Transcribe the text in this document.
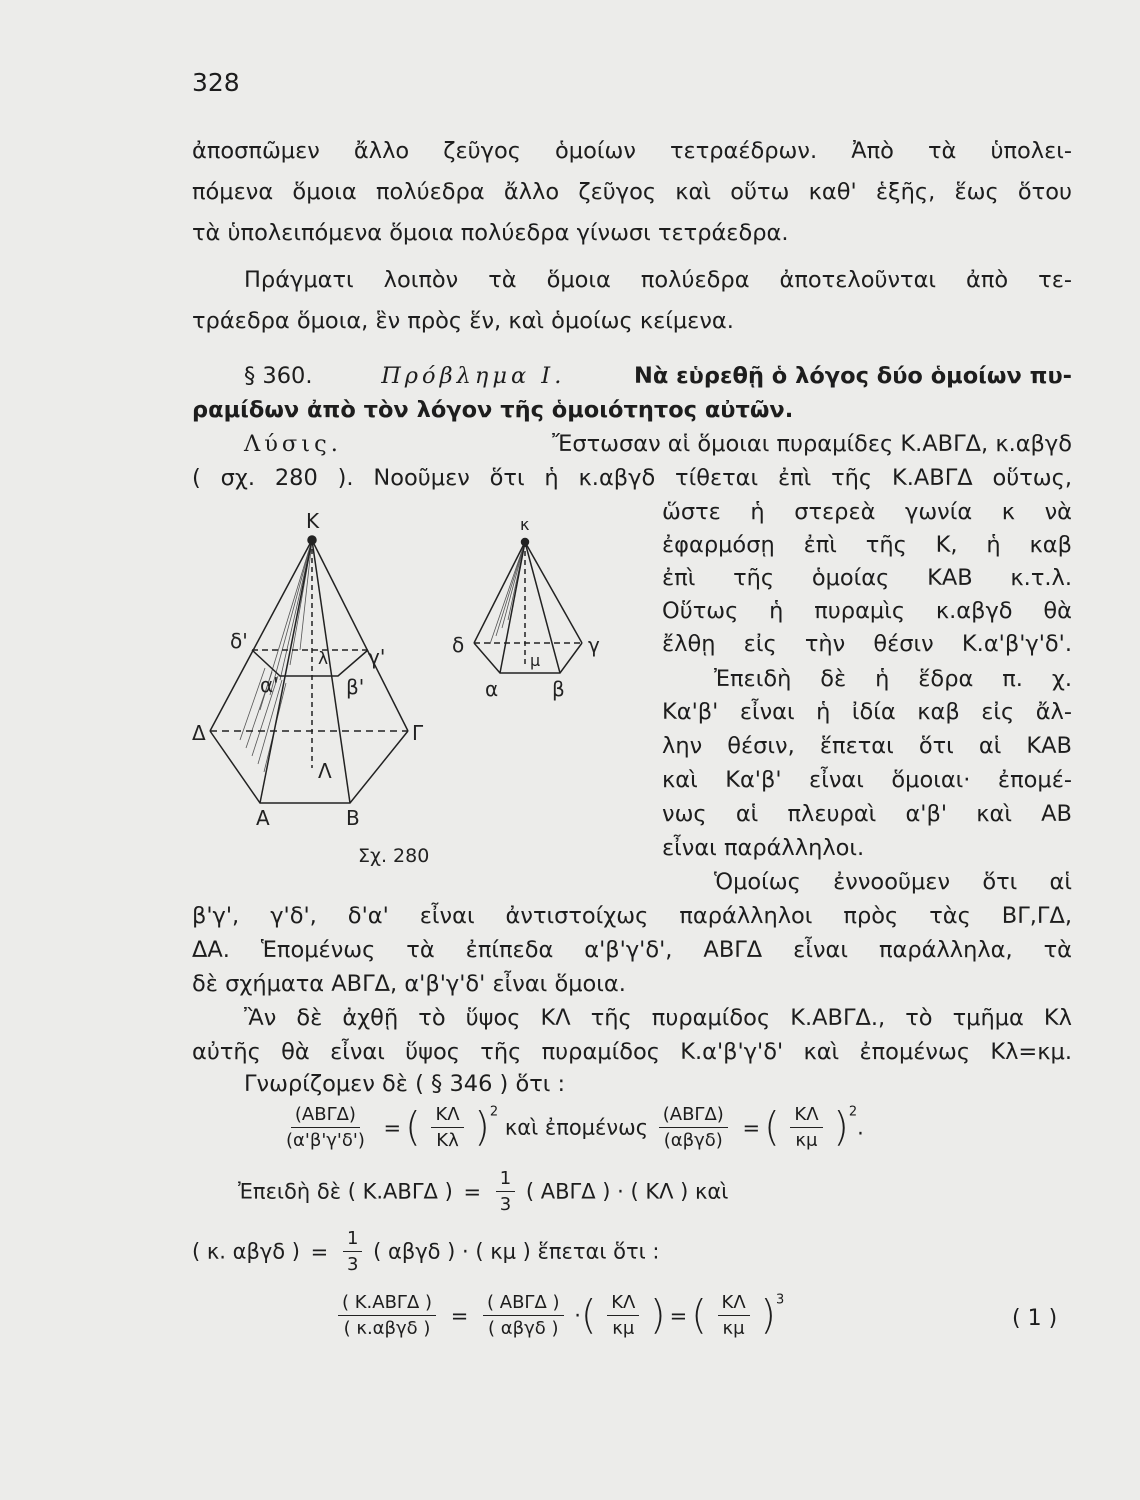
328
ἀποσπῶμεν ἄλλο ζεῦγος ὁμοίων τετραέδρων. Ἀπὸ τὰ ὑπολει-
πόμενα ὅμοια πολύεδρα ἄλλο ζεῦγος καὶ οὕτω καθ' ἑξῆς, ἕως ὅτου
τὰ ὑπολειπόμενα ὅμοια πολύεδρα γίνωσι τετράεδρα.
Πράγματι λοιπὸν τὰ ὅμοια πολύεδρα ἀποτελοῦνται ἀπὸ τε-
τράεδρα ὅμοια, ἓν πρὸς ἕν, καὶ ὁμοίως κείμενα.
§ 360.	Πρόβλημα Ι.	Νὰ εὑρεθῇ ὁ λόγος δύο ὁμοίων πυ-
ραμίδων ἀπὸ τὸν λόγον τῆς ὁμοιότητος αὐτῶν.
Λύσις.	Ἔστωσαν αἱ ὅμοιαι πυραμίδες Κ.ΑΒΓΔ, κ.αβγδ
( σχ. 280 ). Νοοῦμεν ὅτι ἡ κ.αβγδ τίθεται ἐπὶ τῆς Κ.ΑΒΓΔ οὕτως,
ὥστε ἡ στερεὰ γωνία κ νὰ
ἐφαρμόσῃ ἐπὶ τῆς Κ, ἡ καβ
ἐπὶ τῆς ὁμοίας ΚΑΒ κ.τ.λ.
Οὕτως ἡ πυραμὶς κ.αβγδ θὰ
ἔλθῃ εἰς τὴν θέσιν Κ.α'β'γ'δ'.
Ἐπειδὴ δὲ ἡ ἕδρα π. χ.
Κα'β' εἶναι ἡ ἰδία καβ εἰς ἄλ-
λην θέσιν, ἕπεται ὅτι αἱ ΚΑΒ
καὶ Κα'β' εἶναι ὅμοιαι· ἐπομέ-
νως αἱ πλευραὶ α'β' καὶ ΑΒ
εἶναι παράλληλοι.
Ὁμοίως ἐννοοῦμεν ὅτι αἱ
Κ
δ'
γ'
λ
α'	β'
Δ	Γ
Λ
Α	Β
κ
δ	γ
μ
α	β
Σχ. 280
β'γ', γ'δ', δ'α' εἶναι ἀντιστοίχως παράλληλοι πρὸς τὰς ΒΓ,ΓΔ,
ΔΑ. Ἑπομένως τὰ ἐπίπεδα α'β'γ'δ', ΑΒΓΔ εἶναι παράλληλα, τὰ
δὲ σχήματα ΑΒΓΔ, α'β'γ'δ' εἶναι ὅμοια.
Ἂν δὲ ἀχθῇ τὸ ὕψος ΚΛ τῆς πυραμίδος Κ.ΑΒΓΔ., τὸ τμῆμα Κλ
αὐτῆς θὰ εἶναι ὕψος τῆς πυραμίδος Κ.α'β'γ'δ' καὶ ἐπομένως Κλ=κμ.
Γνωρίζομεν δὲ ( § 346 ) ὅτι :
$\frac{\text{(ΑΒΓΔ)}}{(\alpha'\beta'\gamma'\delta')}$ = ( $\frac{K\Lambda}{K\lambda} )^2$ καὶ ἐπομένως $\frac{\text{(ΑΒΓΔ)}}{\text{(αβγδ)}}$ = ( $\frac{K\Lambda}{\kappa\mu} )^2$.
Ἐπειδὴ δὲ ( Κ.ΑΒΓΔ ) = $\frac{1}{3}$ ( ΑΒΓΔ ) · ( ΚΛ ) καὶ
( κ. αβγδ ) = $\frac{1}{3}$ ( αβγδ ) · ( κμ ) ἕπεται ὅτι :
$\frac{\text{( Κ.ΑΒΓΔ )}}{\text{( κ.αβγδ )}} = \frac{\text{( ΑΒΓΔ )}}{\text{( αβγδ )}}$ ·( $\frac{K\Lambda}{\kappa\mu}$ ) = ( $\frac{K\Lambda}{\kappa\mu} )^3$
( 1 )
